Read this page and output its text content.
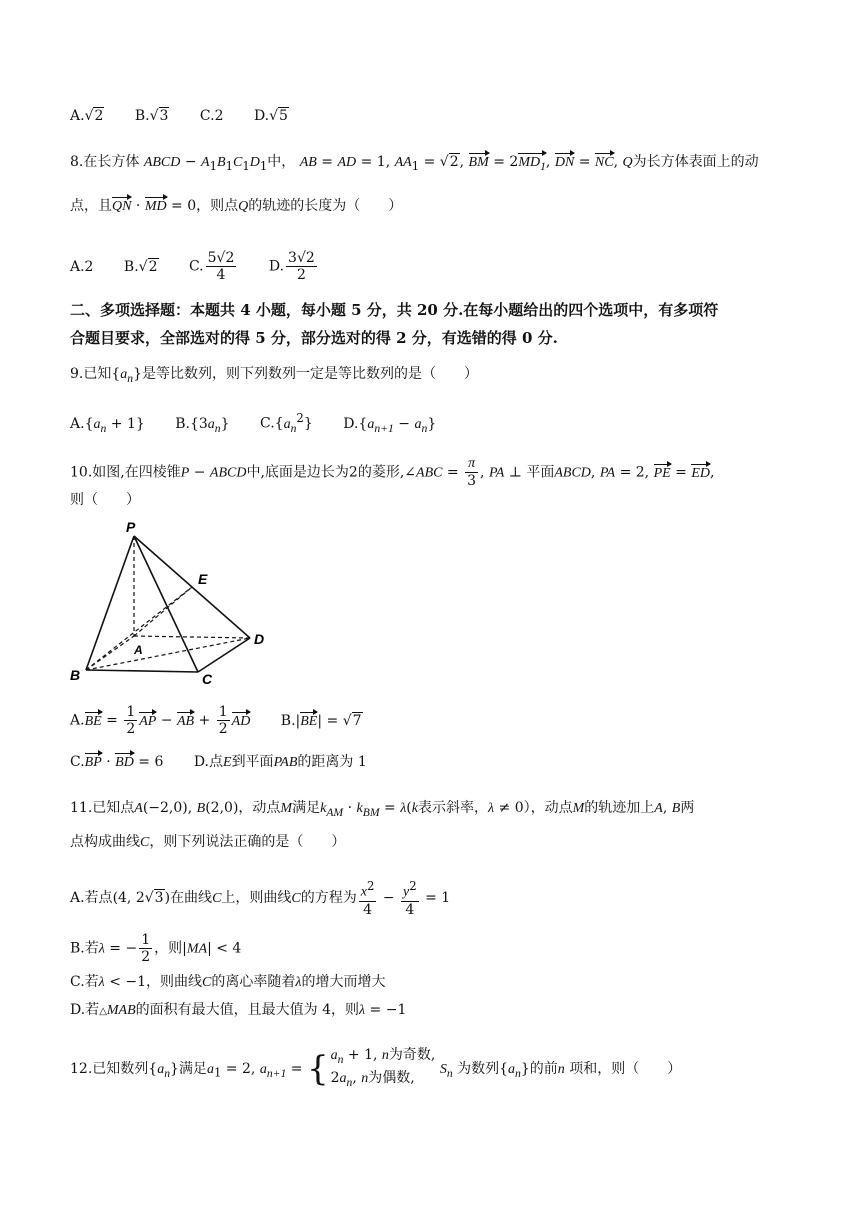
A.√2 B.√3 C.2 D.√5
8.在长方体 ABCD − $A_1B_1C_1D_1$中， AB = AD = 1, $AA_1 = √2$, BM = $2MD_1$, DN = NC, Q为长方体表面上的动
点，且QN · MD = 0，则点Q的轨迹的长度为（　　）
A.2 B.√2 C. $\frac{5√2}{4} D$. $\frac{3√2}{2}$
二、多项选择题：本题共 4 小题，每小题 5 分，共 20 分.在每小题给出的四个选项中，有多项符
合题目要求，全部选对的得 5 分，部分选对的得 2 分，有选错的得 0 分.
9.已知$\{a_n\}$是等比数列，则下列数列一定是等比数列的是（　　）
$A.\{a_n + 1\}$ $B.\{3a_n\}$ $C.\{a_n^2\} D.\{a_{n+1} - a_n\}$
10.如图,在四棱锥P − ABCD中,底面是边长为2的菱形,∠ABC = $\frac{\pi}{3}$ , PA ⊥ 平面ABCD, PA = 2, PE = ED,
则（　　）
P
E
A
D
B	C
$A.BE = \frac{1}{2}$ AP − AB + $\frac{1}{2}$ AD B.|BE| = √7
C.BP · BD = 6 D.点E到平面PAB的距离为 1
11.已知点A(−2,0), B(2,0)，动点M满足$k_{AM} \cdot k_{BM} = \lambda(k$表示斜率，λ ≠ 0），动点M的轨迹加上A, B两
点构成曲线C，则下列说法正确的是（　　）
A.若点(4, 2√3)在曲线C上，则曲线C的方程为 $\frac{x^2}{4} - \frac{y^2}{4} = 1$
B.若λ = − $\frac{1}{2}$ ，则|MA| < 4
C.若λ < −1，则曲线C的离心率随着λ的增大而增大
D.若△MAB的面积有最大值，且最大值为 4，则λ = −1
12.已知数列$\{a_n\}$满足$a_1 = 2$, $a_{n+1}$ = { $a_n + 1$, n为奇数,
$2a_n$, n为偶数,
$S_n$ 为数列$\{a_n\}$的前n 项和，则（　　）
